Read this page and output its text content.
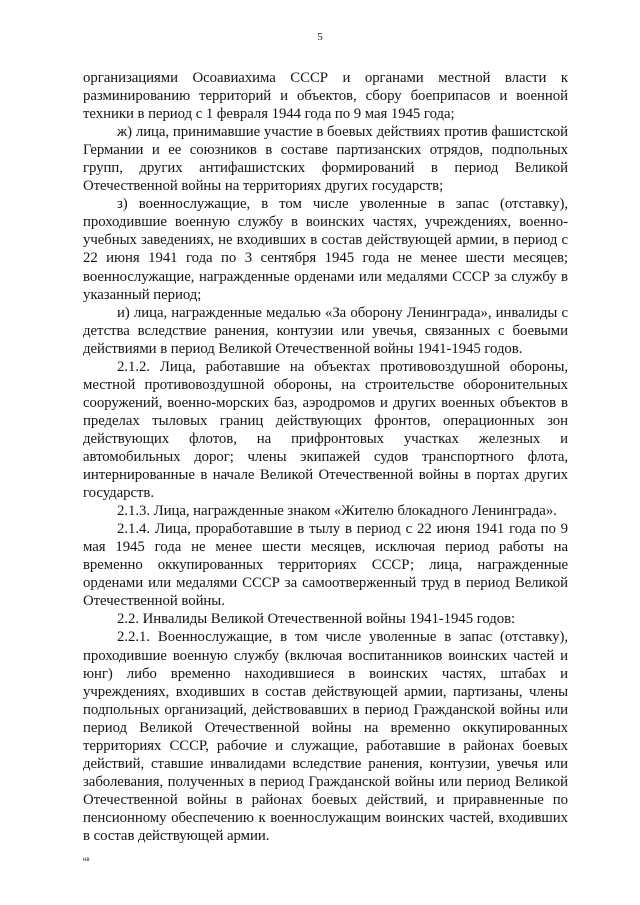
5

организациями Осоавиахима СССР и органами местной власти к разминированию территорий и объектов, сбору боеприпасов и военной техники в период с 1 февраля 1944 года по 9 мая 1945 года;

ж) лица, принимавшие участие в боевых действиях против фашистской Германии и ее союзников в составе партизанских отрядов, подпольных групп, других антифашистских формирований в период Великой Отечественной войны на территориях других государств;

з) военнослужащие, в том числе уволенные в запас (отставку), проходившие военную службу в воинских частях, учреждениях, военно-учебных заведениях, не входивших в состав действующей армии, в период с 22 июня 1941 года по 3 сентября 1945 года не менее шести месяцев; военнослужащие, награжденные орденами или медалями СССР за службу в указанный период;

и) лица, награжденные медалью «За оборону Ленинграда», инвалиды с детства вследствие ранения, контузии или увечья, связанных с боевыми действиями в период Великой Отечественной войны 1941-1945 годов.

2.1.2. Лица, работавшие на объектах противовоздушной обороны, местной противовоздушной обороны, на строительстве оборонительных сооружений, военно-морских баз, аэродромов и других военных объектов в пределах тыловых границ действующих фронтов, операционных зон действующих флотов, на прифронтовых участках железных и автомобильных дорог; члены экипажей судов транспортного флота, интернированные в начале Великой Отечественной войны в портах других государств.

2.1.3. Лица, награжденные знаком «Жителю блокадного Ленинграда».

2.1.4. Лица, проработавшие в тылу в период с 22 июня 1941 года по 9 мая 1945 года не менее шести месяцев, исключая период работы на временно оккупированных территориях СССР; лица, награжденные орденами или медалями СССР за самоотверженный труд в период Великой Отечественной войны.

2.2. Инвалиды Великой Отечественной войны 1941-1945 годов:

2.2.1. Военнослужащие, в том числе уволенные в запас (отставку), проходившие военную службу (включая воспитанников воинских частей и юнг) либо временно находившиеся в воинских частях, штабах и учреждениях, входивших в состав действующей армии, партизаны, члены подпольных организаций, действовавших в период Гражданской войны или период Великой Отечественной войны на временно оккупированных территориях СССР, рабочие и служащие, работавшие в районах боевых действий, ставшие инвалидами вследствие ранения, контузии, увечья или заболевания, полученных в период Гражданской войны или период Великой Отечественной войны в районах боевых действий, и приравненные по пенсионному обеспечению к военнослужащим воинских частей, входивших в состав действующей армии.

нв
